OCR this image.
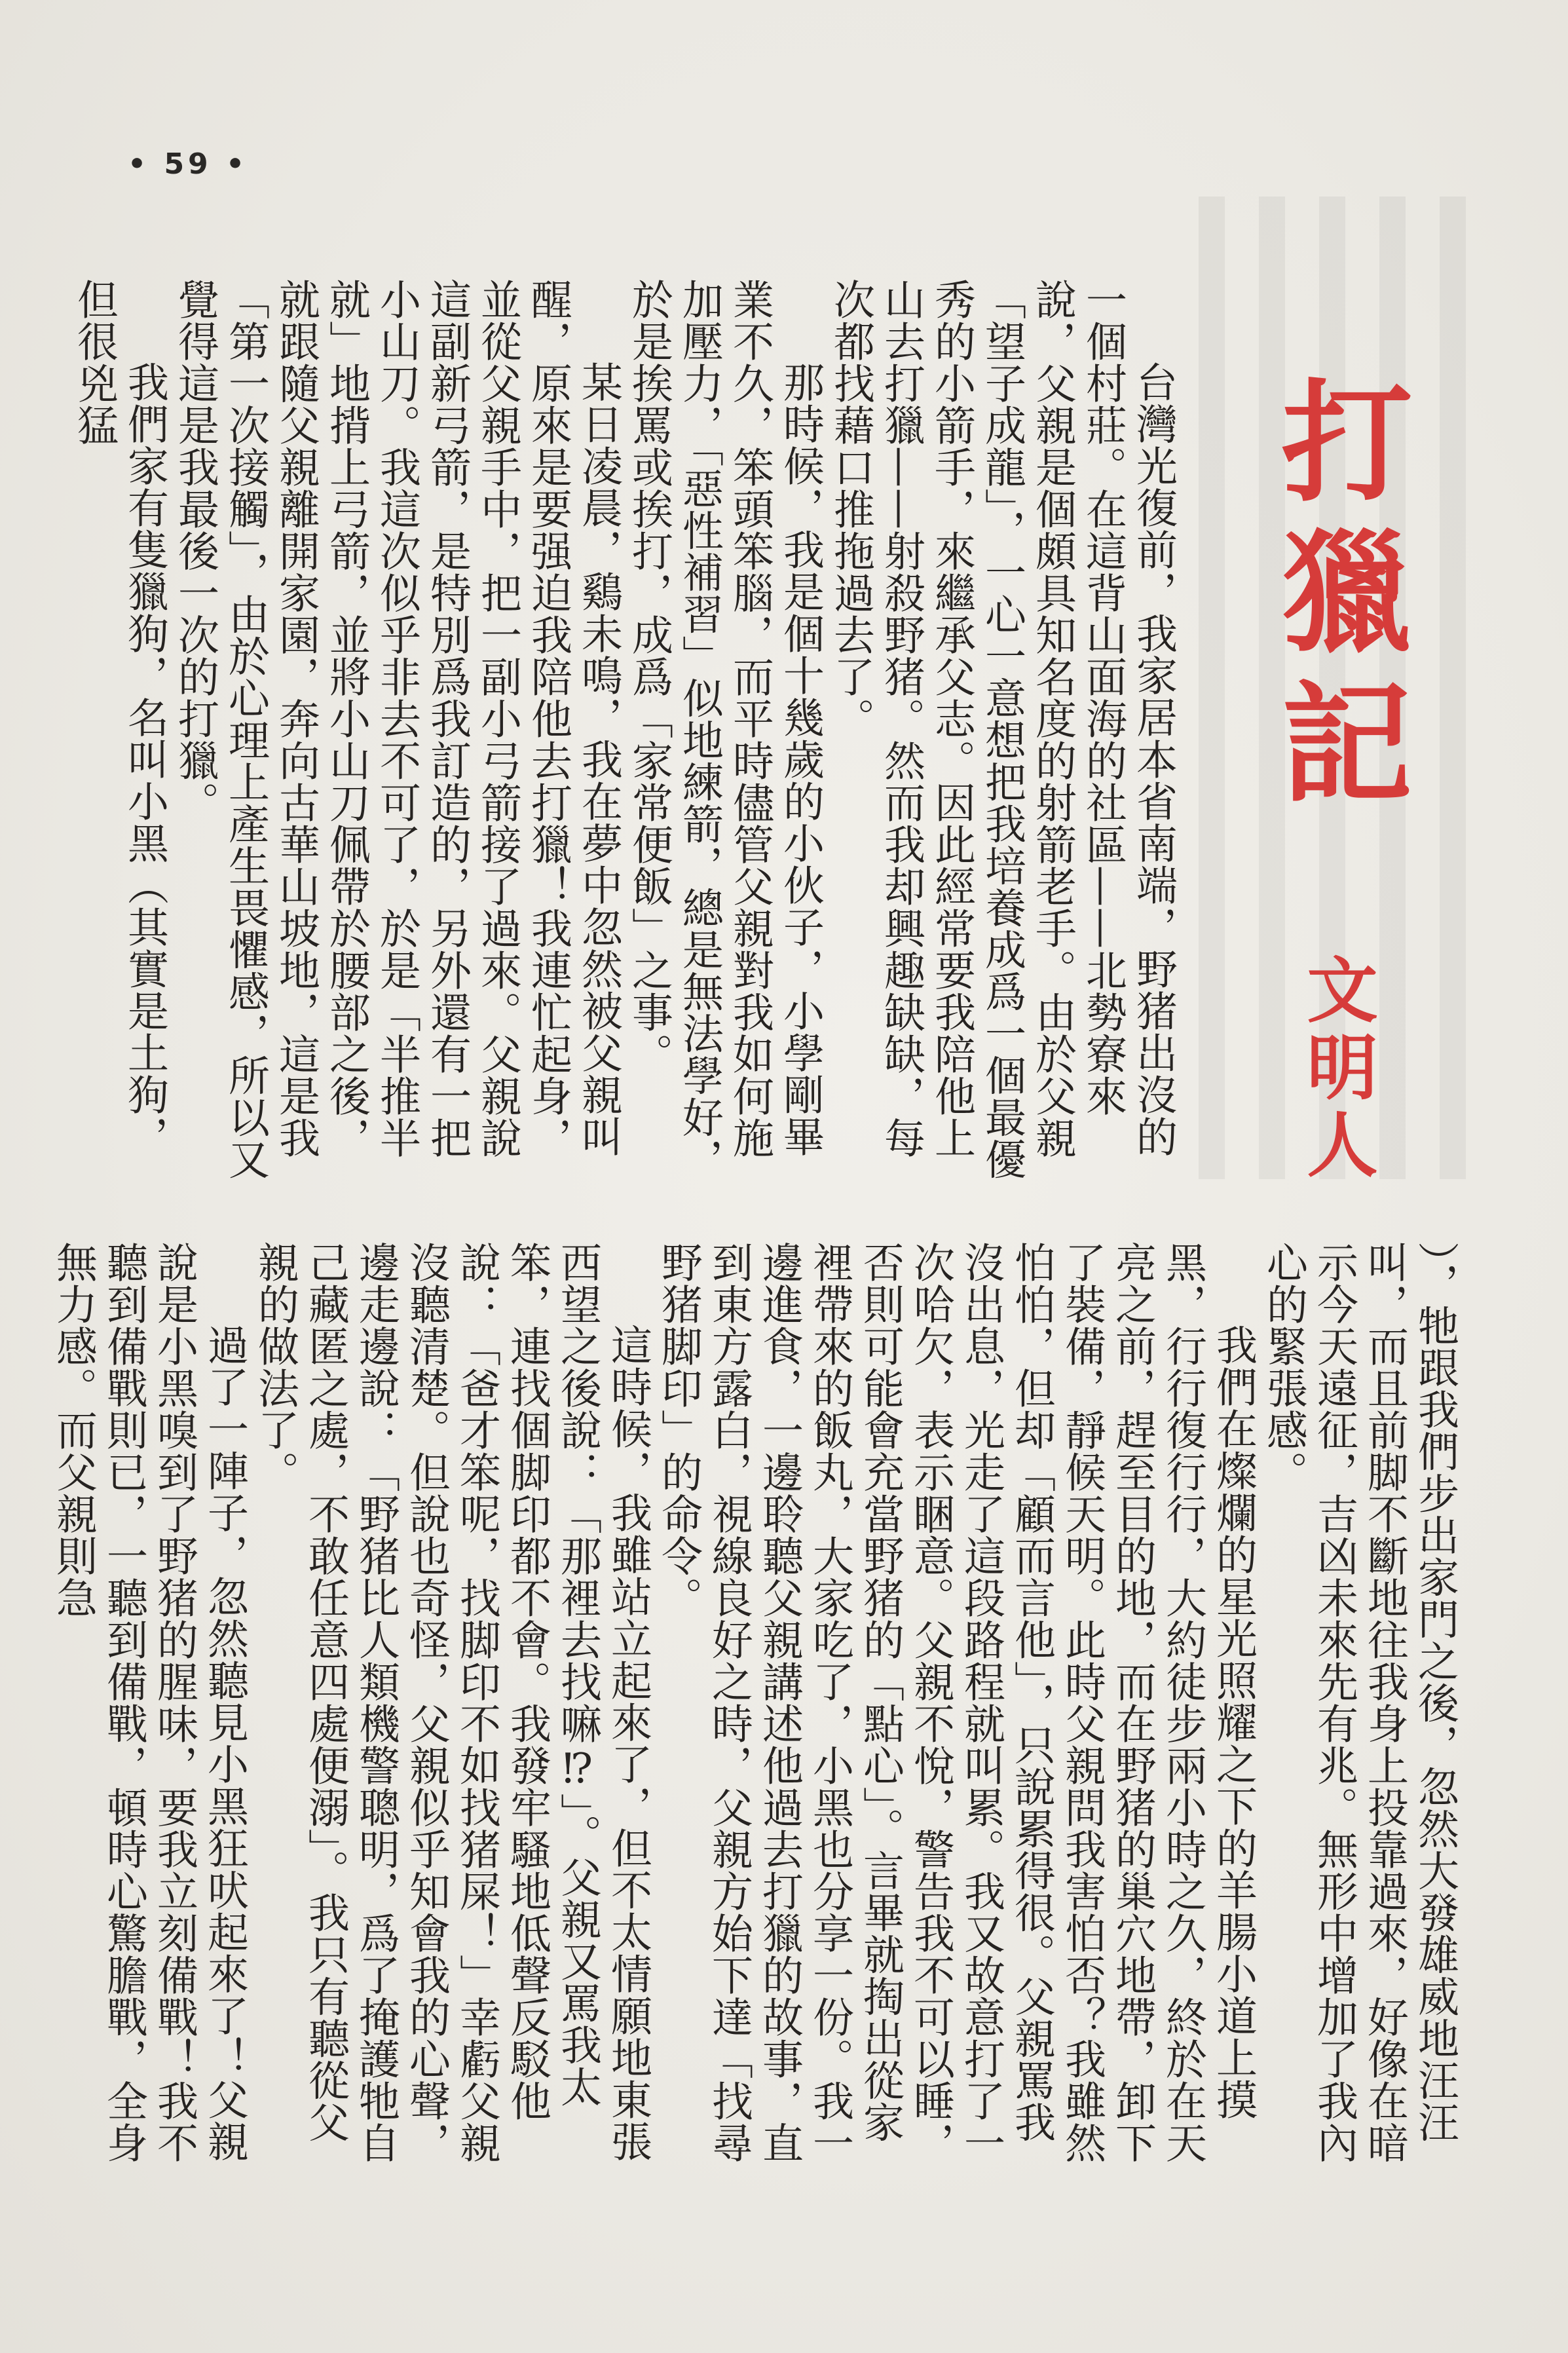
• 59 •
打獵記
文明人

台灣光復前，我家居本省南端，野猪出沒的一個村莊。在這背山面海的社區——北勢寮來說，父親是個頗具知名度的射箭老手。由於父親「望子成龍」，一心一意想把我培養成爲一個最優秀的小箭手，來繼承父志。因此經常要我陪他上山去打獵——射殺野猪。然而我却興趣缺缺，每次都找藉口推拖過去了。

那時候，我是個十幾歲的小伙子，小學剛畢業不久，笨頭笨腦，而平時儘管父親對我如何施加壓力，「惡性補習」似地練箭，總是無法學好，於是挨罵或挨打，成爲「家常便飯」之事。

某日凌晨，鷄未鳴，我在夢中忽然被父親叫醒，原來是要强迫我陪他去打獵！我連忙起身，並從父親手中，把一副小弓箭接了過來。父親說這副新弓箭，是特別爲我訂造的，另外還有一把小山刀。我這次似乎非去不可了，於是「半推半就」地揹上弓箭，並將小山刀佩帶於腰部之後，就跟隨父親離開家園，奔向古華山坡地，這是我「第一次接觸」，由於心理上產生畏懼感，所以又覺得這是我最後一次的打獵。

我們家有隻獵狗，名叫小黑（其實是土狗，但很兇猛

），牠跟我們步出家門之後，忽然大發雄威地汪汪叫，而且前脚不斷地往我身上投靠過來，好像在暗示今天遠征，吉凶未來先有兆。無形中增加了我內心的緊張感。

我們在燦爛的星光照耀之下的羊腸小道上摸黑，行行復行行，大約徒步兩小時之久，終於在天亮之前，趕至目的地，而在野猪的巢穴地帶，卸下了裝備，靜候天明。此時父親問我害怕否？我雖然怕怕，但却「顧而言他」，只說累得很。父親罵我沒出息，光走了這段路程就叫累。我又故意打了一次哈欠，表示睏意。父親不悅，警告我不可以睡，否則可能會充當野猪的「點心」。言畢就掏出從家裡帶來的飯丸，大家吃了，小黑也分享一份。我一邊進食，一邊聆聽父親講述他過去打獵的故事，直到東方露白，視線良好之時，父親方始下達「找尋野猪脚印」的命令。

這時候，我雖站立起來了，但不太情願地東張西望之後說：「那裡去找嘛⁉」。父親又罵我太笨，連找個脚印都不會。我發牢騷地低聲反駁他說：「爸才笨呢，找脚印不如找猪屎！」幸虧父親沒聽清楚。但說也奇怪，父親似乎知會我的心聲，邊走邊說：「野猪比人類機警聰明，爲了掩護牠自己藏匿之處，不敢任意四處便溺」。我只有聽從父親的做法了。

過了一陣子，忽然聽見小黑狂吠起來了！父親說是小黑嗅到了野猪的腥味，要我立刻備戰！我不聽到備戰則已，一聽到備戰，頓時心驚膽戰，全身無力感。而父親則急
